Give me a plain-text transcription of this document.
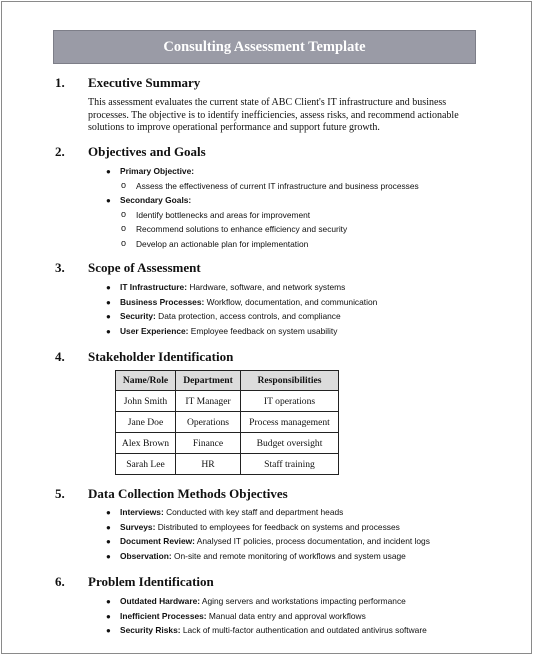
Consulting Assessment Template
1. Executive Summary
This assessment evaluates the current state of ABC Client's IT infrastructure and business
processes. The objective is to identify inefficiencies, assess risks, and recommend actionable
solutions to improve operational performance and support future growth.
2. Objectives and Goals
● Primary Objective:
o Assess the effectiveness of current IT infrastructure and business processes
● Secondary Goals:
o Identify bottlenecks and areas for improvement
o Recommend solutions to enhance efficiency and security
o Develop an actionable plan for implementation
3. Scope of Assessment
● IT Infrastructure: Hardware, software, and network systems
● Business Processes: Workflow, documentation, and communication
● Security: Data protection, access controls, and compliance
● User Experience: Employee feedback on system usability
4. Stakeholder Identification
Name/Role	Department	Responsibilities
John Smith	IT Manager	IT operations
Jane Doe	Operations	Process management
Alex Brown	Finance	Budget oversight
Sarah Lee	HR	Staff training
5. Data Collection Methods Objectives
● Interviews: Conducted with key staff and department heads
● Surveys: Distributed to employees for feedback on systems and processes
● Document Review: Analysed IT policies, process documentation, and incident logs
● Observation: On-site and remote monitoring of workflows and system usage
6. Problem Identification
● Outdated Hardware: Aging servers and workstations impacting performance
● Inefficient Processes: Manual data entry and approval workflows
● Security Risks: Lack of multi-factor authentication and outdated antivirus software
